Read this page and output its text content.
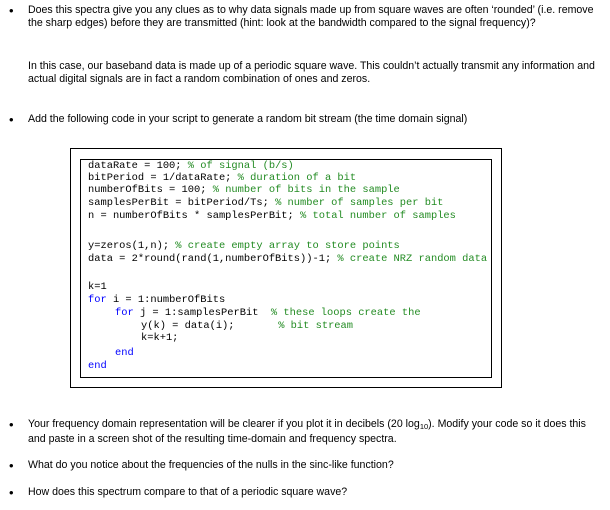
• Does this spectra give you any clues as to why data signals made up from square waves are often ‘rounded’ (i.e. remove the sharp edges) before they are transmitted (hint: look at the bandwidth compared to the signal frequency)?

In this case, our baseband data is made up of a periodic square wave. This couldn’t actually transmit any information and actual digital signals are in fact a random combination of ones and zeros.

• Add the following code in your script to generate a random bit stream (the time domain signal)

dataRate = 100; % of signal (b/s)
bitPeriod = 1/dataRate; % duration of a bit
numberOfBits = 100; % number of bits in the sample
samplesPerBit = bitPeriod/Ts; % number of samples per bit
n = numberOfBits * samplesPerBit; % total number of samples
y=zeros(1,n); % create empty array to store points
data = 2*round(rand(1,numberOfBits))-1; % create NRZ random data
k=1
for i = 1:numberOfBits
for j = 1:samplesPerBit  % these loops create the
y(k) = data(i);       % bit stream
k=k+1;
end
end
• Your frequency domain representation will be clearer if you plot it in decibels (20 $\log_{10}$). Modify your code so it does this and paste in a screen shot of the resulting time-domain and frequency spectra.

• What do you notice about the frequencies of the nulls in the sinc-like function?

• How does this spectrum compare to that of a periodic square wave?
